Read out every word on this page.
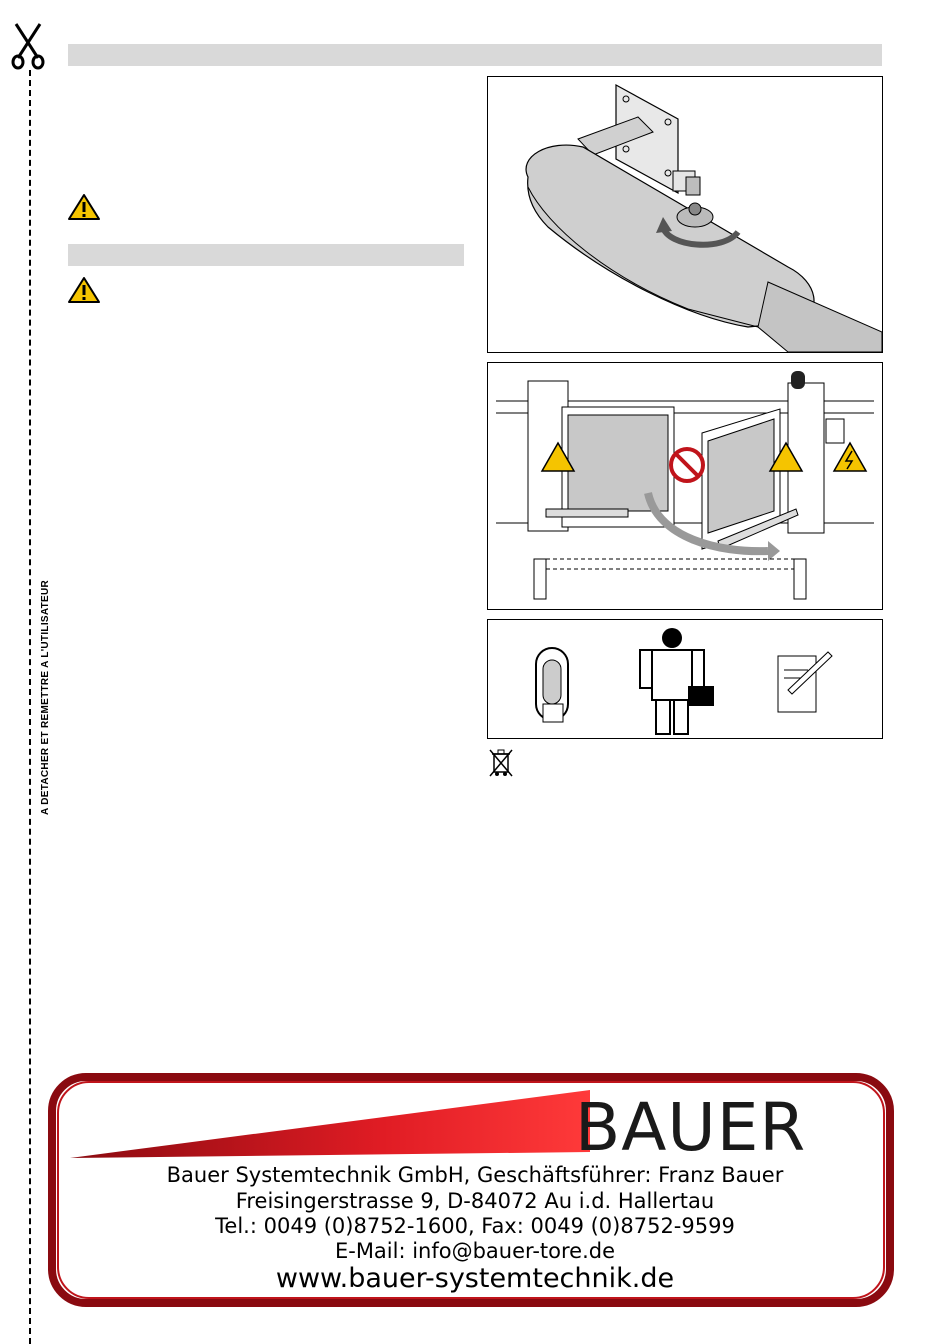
A DETACHER ET REMETTRE A L'UTILISATEUR
BAUER
Bauer Systemtechnik GmbH, Geschäftsführer: Franz Bauer
Freisingerstrasse 9, D-84072 Au i.d. Hallertau
Tel.: 0049 (0)8752-1600, Fax: 0049 (0)8752-9599
E-Mail: info@bauer-tore.de
www.bauer-systemtechnik.de
